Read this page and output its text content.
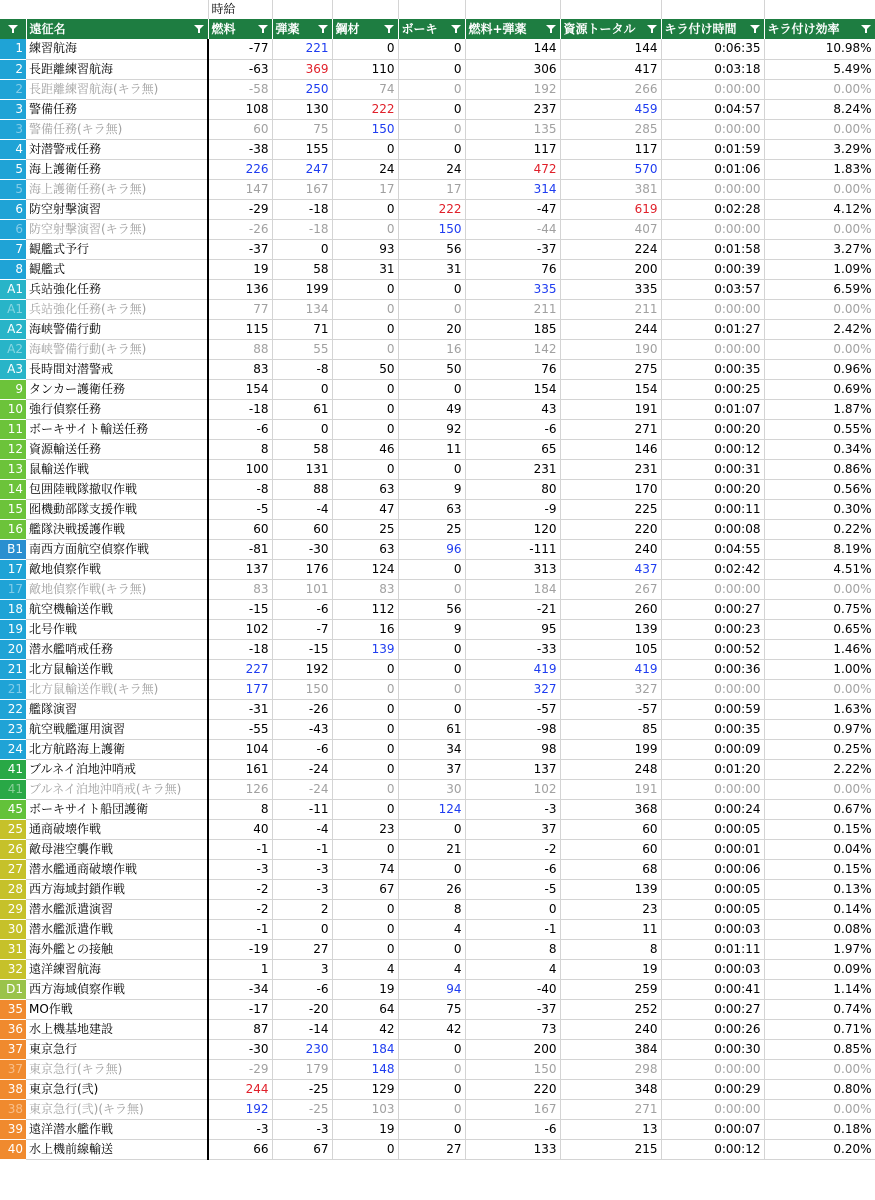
		時給							

	遠征名	燃料	弾薬	鋼材	ボーキ	燃料+弾薬	資源トータル	キラ付け時間	キラ付け効率

1	練習航海	-77	221	0	0	144	144	0:06:35	10.98%
2	長距離練習航海	-63	369	110	0	306	417	0:03:18	5.49%
2	長距離練習航海(キラ無)	-58	250	74	0	192	266	0:00:00	0.00%
3	警備任務	108	130	222	0	237	459	0:04:57	8.24%
3	警備任務(キラ無)	60	75	150	0	135	285	0:00:00	0.00%
4	対潜警戒任務	-38	155	0	0	117	117	0:01:59	3.29%
5	海上護衛任務	226	247	24	24	472	570	0:01:06	1.83%
5	海上護衛任務(キラ無)	147	167	17	17	314	381	0:00:00	0.00%
6	防空射撃演習	-29	-18	0	222	-47	619	0:02:28	4.12%
6	防空射撃演習(キラ無)	-26	-18	0	150	-44	407	0:00:00	0.00%
7	観艦式予行	-37	0	93	56	-37	224	0:01:58	3.27%
8	観艦式	19	58	31	31	76	200	0:00:39	1.09%
A1	兵站強化任務	136	199	0	0	335	335	0:03:57	6.59%
A1	兵站強化任務(キラ無)	77	134	0	0	211	211	0:00:00	0.00%
A2	海峡警備行動	115	71	0	20	185	244	0:01:27	2.42%
A2	海峡警備行動(キラ無)	88	55	0	16	142	190	0:00:00	0.00%
A3	長時間対潜警戒	83	-8	50	50	76	275	0:00:35	0.96%
9	タンカー護衛任務	154	0	0	0	154	154	0:00:25	0.69%
10	強行偵察任務	-18	61	0	49	43	191	0:01:07	1.87%
11	ボーキサイト輸送任務	-6	0	0	92	-6	271	0:00:20	0.55%
12	資源輸送任務	8	58	46	11	65	146	0:00:12	0.34%
13	鼠輸送作戦	100	131	0	0	231	231	0:00:31	0.86%
14	包囲陸戦隊撤収作戦	-8	88	63	9	80	170	0:00:20	0.56%
15	囮機動部隊支援作戦	-5	-4	47	63	-9	225	0:00:11	0.30%
16	艦隊決戦援護作戦	60	60	25	25	120	220	0:00:08	0.22%
B1	南西方面航空偵察作戦	-81	-30	63	96	-111	240	0:04:55	8.19%
17	敵地偵察作戦	137	176	124	0	313	437	0:02:42	4.51%
17	敵地偵察作戦(キラ無)	83	101	83	0	184	267	0:00:00	0.00%
18	航空機輸送作戦	-15	-6	112	56	-21	260	0:00:27	0.75%
19	北号作戦	102	-7	16	9	95	139	0:00:23	0.65%
20	潜水艦哨戒任務	-18	-15	139	0	-33	105	0:00:52	1.46%
21	北方鼠輸送作戦	227	192	0	0	419	419	0:00:36	1.00%
21	北方鼠輸送作戦(キラ無)	177	150	0	0	327	327	0:00:00	0.00%
22	艦隊演習	-31	-26	0	0	-57	-57	0:00:59	1.63%
23	航空戦艦運用演習	-55	-43	0	61	-98	85	0:00:35	0.97%
24	北方航路海上護衛	104	-6	0	34	98	199	0:00:09	0.25%
41	ブルネイ泊地沖哨戒	161	-24	0	37	137	248	0:01:20	2.22%
41	ブルネイ泊地沖哨戒(キラ無)	126	-24	0	30	102	191	0:00:00	0.00%
45	ボーキサイト船団護衛	8	-11	0	124	-3	368	0:00:24	0.67%
25	通商破壊作戦	40	-4	23	0	37	60	0:00:05	0.15%
26	敵母港空襲作戦	-1	-1	0	21	-2	60	0:00:01	0.04%
27	潜水艦通商破壊作戦	-3	-3	74	0	-6	68	0:00:06	0.15%
28	西方海域封鎖作戦	-2	-3	67	26	-5	139	0:00:05	0.13%
29	潜水艦派遣演習	-2	2	0	8	0	23	0:00:05	0.14%
30	潜水艦派遣作戦	-1	0	0	4	-1	11	0:00:03	0.08%
31	海外艦との接触	-19	27	0	0	8	8	0:01:11	1.97%
32	遠洋練習航海	1	3	4	4	4	19	0:00:03	0.09%
D1	西方海域偵察作戦	-34	-6	19	94	-40	259	0:00:41	1.14%
35	MO作戦	-17	-20	64	75	-37	252	0:00:27	0.74%
36	水上機基地建設	87	-14	42	42	73	240	0:00:26	0.71%
37	東京急行	-30	230	184	0	200	384	0:00:30	0.85%
37	東京急行(キラ無)	-29	179	148	0	150	298	0:00:00	0.00%
38	東京急行(弐)	244	-25	129	0	220	348	0:00:29	0.80%
38	東京急行(弐)(キラ無)	192	-25	103	0	167	271	0:00:00	0.00%
39	遠洋潜水艦作戦	-3	-3	19	0	-6	13	0:00:07	0.18%
40	水上機前線輸送	66	67	0	27	133	215	0:00:12	0.20%
